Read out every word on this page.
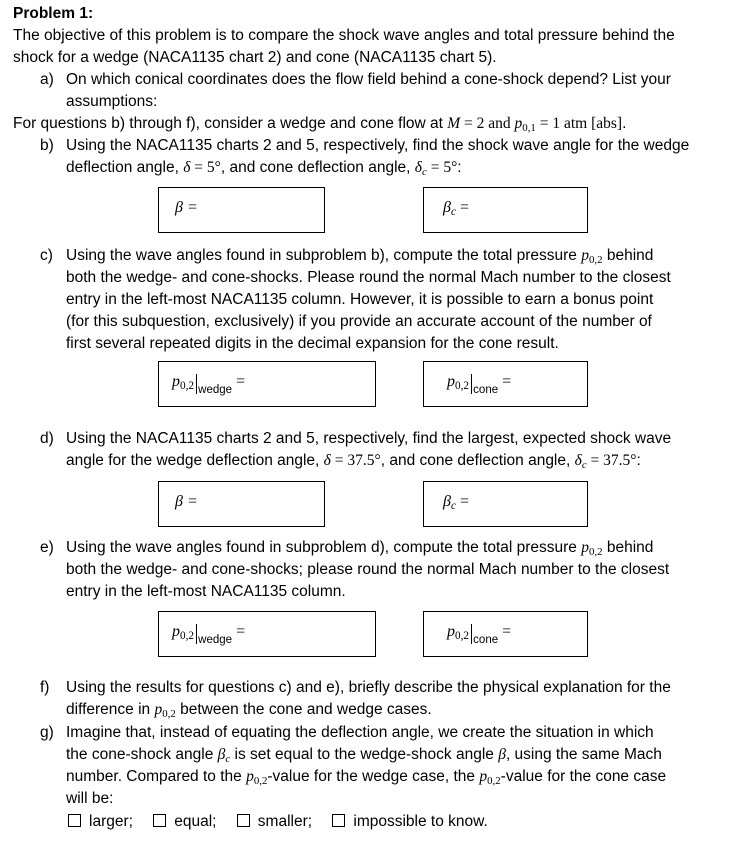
Problem 1:
The objective of this problem is to compare the shock wave angles and total pressure behind the
shock for a wedge (NACA1135 chart 2) and cone (NACA1135 chart 5).
a) On which conical coordinates does the flow field behind a cone-shock depend? List your
assumptions:
For questions b) through f), consider a wedge and cone flow at M = 2 and $p_{0,1} = 1$ atm [abs].
b) Using the NACA1135 charts 2 and 5, respectively, find the shock wave angle for the wedge
deflection angle, δ = 5°, and cone deflection angle, $\delta_c = 5^\circ$:
β =	$\beta_c$ =
c) Using the wave angles found in subproblem b), compute the total pressure $p_{0,2}$ behind
both the wedge- and cone-shocks. Please round the normal Mach number to the closest
entry in the left-most NACA1135 column. However, it is possible to earn a bonus point
(for this subquestion, exclusively) if you provide an accurate account of the number of
first several repeated digits in the decimal expansion for the cone result.
$p_{0,2}$ $_{wedge}$ =	$p_{0,2}$ $_{cone}$ =
d) Using the NACA1135 charts 2 and 5, respectively, find the largest, expected shock wave
angle for the wedge deflection angle, δ = 37.5°, and cone deflection angle, $\delta_c = 37.5^\circ$:
β =	$\beta_c$ =
e) Using the wave angles found in subproblem d), compute the total pressure $p_{0,2}$ behind
both the wedge- and cone-shocks; please round the normal Mach number to the closest
entry in the left-most NACA1135 column.
$p_{0,2}$ $_{wedge}$ =	$p_{0,2}$ $_{cone}$ =
f) Using the results for questions c) and e), briefly describe the physical explanation for the
difference in $p_{0,2}$ between the cone and wedge cases.
g) Imagine that, instead of equating the deflection angle, we create the situation in which
the cone-shock angle $\beta_c$ is set equal to the wedge-shock angle β, using the same Mach
number. Compared to the $p_{0,2}$-value for the wedge case, the $p_{0,2}$-value for the cone case
will be:
larger;	equal;	smaller;	impossible to know.
